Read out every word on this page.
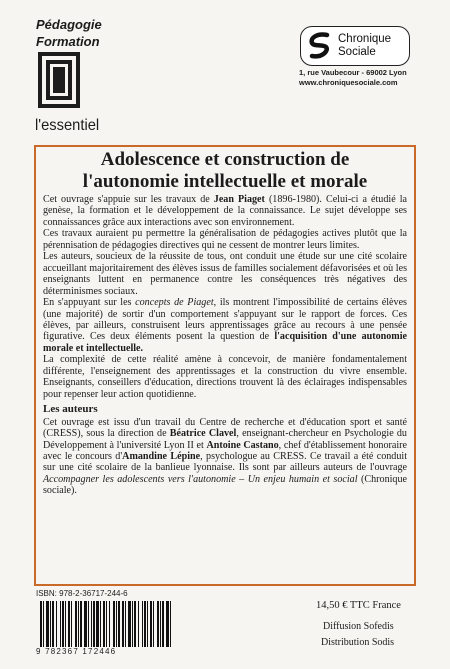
Pédagogie
Formation
l'essentiel
Chronique
Sociale
1, rue Vaubecour - 69002 Lyon
www.chroniquesociale.com
Adolescence et construction de
l'autonomie intellectuelle et morale

Cet ouvrage s'appuie sur les travaux de Jean Piaget (1896-1980). Celui-ci a étudié la genèse, la formation et le développement de la connaissance. Le sujet développe ses connaissances grâce aux interactions avec son environnement.

Ces travaux auraient pu permettre la généralisation de pédagogies actives plutôt que la pérennisation de pédagogies directives qui ne cessent de montrer leurs limites.

Les auteurs, soucieux de la réussite de tous, ont conduit une étude sur une cité scolaire accueillant majoritairement des élèves issus de familles socialement défavorisées et où les enseignants luttent en permanence contre les conséquences très négatives des déterminismes sociaux.

En s'appuyant sur les concepts de Piaget, ils montrent l'impossibilité de certains élèves (une majorité) de sortir d'un comportement s'appuyant sur le rapport de forces. Ces élèves, par ailleurs, construisent leurs apprentissages grâce au recours à une pensée figurative. Ces deux éléments posent la question de l'acquisition d'une autonomie morale et intellectuelle.

La complexité de cette réalité amène à concevoir, de manière fondamentalement différente, l'enseignement des apprentissages et la construction du vivre ensemble. Enseignants, conseillers d'éducation, directions trouvent là des éclairages indispensables pour repenser leur action quotidienne.

Les auteurs

Cet ouvrage est issu d'un travail du Centre de recherche et d'éducation sport et santé (CRESS), sous la direction de Béatrice Clavel, enseignant-chercheur en Psychologie du Développement à l'université Lyon II et Antoine Castano, chef d'établissement honoraire avec le concours d'Amandine Lépine, psychologue au CRESS. Ce travail a été conduit sur une cité scolaire de la banlieue lyonnaise. Ils sont par ailleurs auteurs de l'ouvrage Accompagner les adolescents vers l'autonomie – Un enjeu humain et social (Chronique sociale).

ISBN: 978-2-36717-244-6
9 782367 172446
14,50 € TTC France
Diffusion Sofedis
Distribution Sodis
